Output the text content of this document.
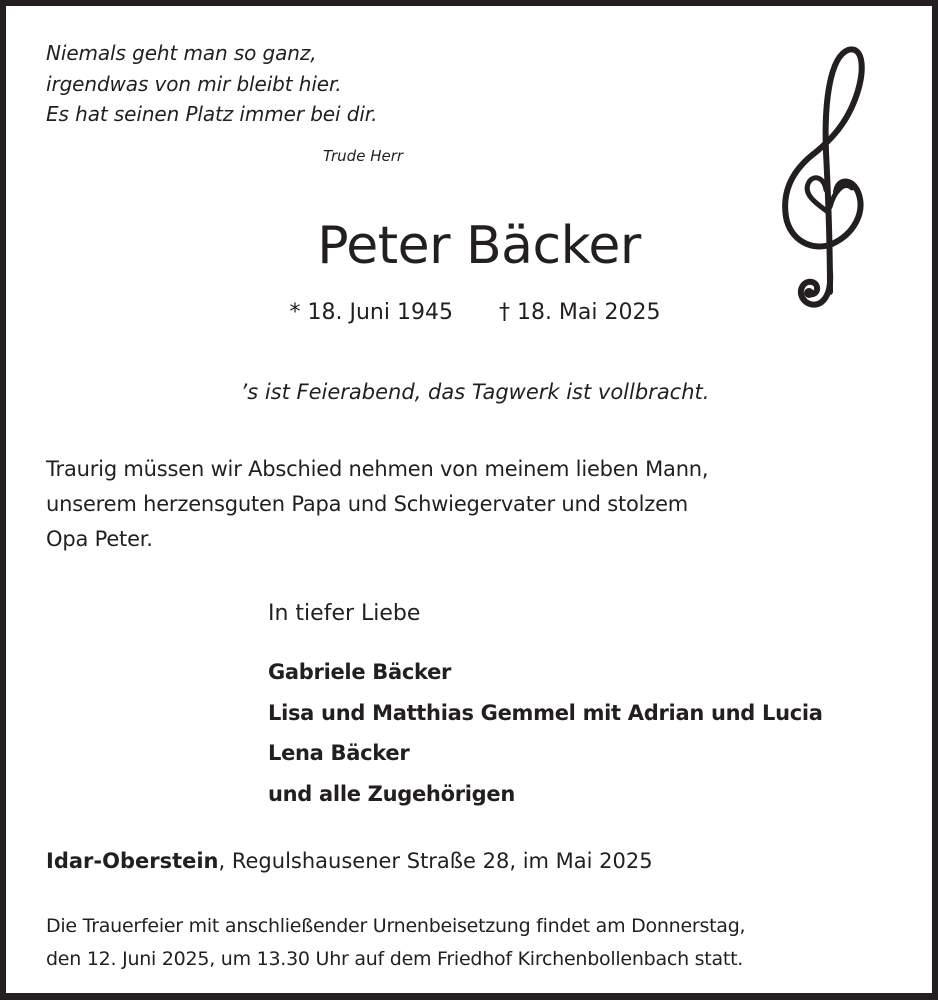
Niemals geht man so ganz,
irgendwas von mir bleibt hier.
Es hat seinen Platz immer bei dir.
Trude Herr
Peter Bäcker
* 18. Juni 1945 † 18. Mai 2025
’s ist Feierabend, das Tagwerk ist vollbracht.
Traurig müssen wir Abschied nehmen von meinem lieben Mann,
unserem herzensguten Papa und Schwiegervater und stolzem
Opa Peter.
In tiefer Liebe
Gabriele Bäcker
Lisa und Matthias Gemmel mit Adrian und Lucia
Lena Bäcker
und alle Zugehörigen
Idar-Oberstein, Regulshausener Straße 28, im Mai 2025
Die Trauerfeier mit anschließender Urnenbeisetzung findet am Donnerstag,
den 12. Juni 2025, um 13.30 Uhr auf dem Friedhof Kirchenbollenbach statt.
